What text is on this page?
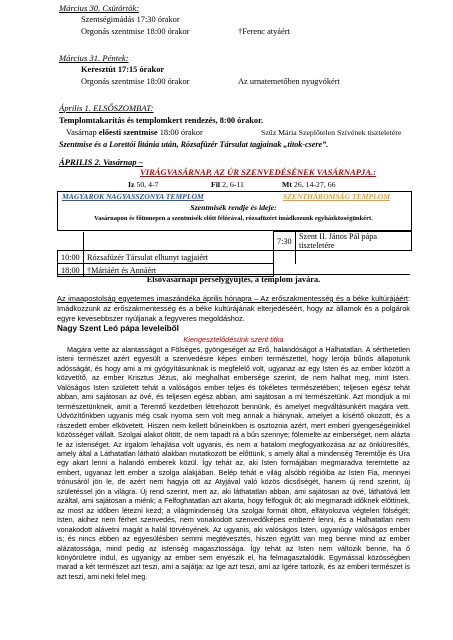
Március 30. Csütörtök:
Szentségimádás 17:30 órakor
Orgonás szentmise 18:00 órakor	†Ferenc atyáért
Március 31. Péntek:
Keresztút 17:15 órakor
Orgonás szentmise 18:00 órakor	Az urnatemetőben nyugvókért
Április 1. ELSŐSZOMBAT:
Templomtakarítás és templomkert rendezés, 8:00 órakor.
Vasárnap előesti szentmise 18:00 órakor	Szűz Mária Szeplőtelen Szívének tiszteletére
Szentmise és a Lorettói litánia után, Rózsafüzér Társulat tagjainak „titok-csere”.
ÁPRILIS 2. Vasárnap –
VIRÁGVASÁRNAP, AZ ÚR SZENVEDÉSÉNEK VASÁRNAPJA.:
Iz 50, 4-7	Fil 2, 6-11	Mt 26, 14-27, 66
MAGYAROK NAGYASSZONYA TEMPLOM	SZENTHÁROMSÁG TEMPLOM
Szentmisék rendje és ideje:
Vasárnapon és főünnepen a szentmisék előtt félórával, rózsafüzért imádkozunk egyházközségünkért.
		7:30	Szent II. János Pál pápa tiszteletére
10:00	Rózsafüzér Társulat elhunyt tagjaiért		
18:00	†Máriáért és Annáért		
Elsővasárnapi perselygyűjtés, a templom javára.
Az imaapostolság egyetemes imaszándéka április hónapra – Az erőszakmentesség és a béke kultúrájáért: Imádkozzunk az erőszakmentesség és a béke kultúrájának elterjedéséért, hogy az államok és a polgárok egyre kevesebbszer nyúljanak a fegyveres megoldáshoz.
Nagy Szent Leó pápa leveleiből
Kiengesztelődésünk szent titka
Magára vette az alantasságot a Fölséges, gyöngeséget az Erő, halandóságot a Halhatatlan. A sérthetetlen isteni természet azért egyesült a szenvedésre képes emberi természettel, hogy lerója bűnös állapotunk adósságát, és hogy ami a mi gyógyításunknak is megfelelő volt, ugyanaz az egy Isten és az ember között a közvetítő, az ember Krisztus Jézus, aki meghalhat embersége szerint, de nem halhat meg, mint Isten. Valóságos Isten született tehát a valóságos ember teljes és tökéletes természetében; teljesen egész tehát abban, ami sajátosan az övé, és teljesen egész abban, ami sajátosan a mi természetünk. Azt mondjuk a mi természetünknek, amit a Teremtő kezdetben létrehozott bennünk, és amelyet megváltásunkért magára vett. Üdvözítőnkben ugyanis még csak nyoma sem volt meg annak a hiánynak, amelyet a kísértő okozott, és a rászedett ember elkövetett. Hiszen nem kellett bűneinkben is osztoznia azért, mert emberi gyengeségeinkkel közösséget vállalt. Szolgai alakot öltött, de nem tapadt rá a bűn szennye; fölemelte az emberséget, nem alázta le az istenséget. Az irgalom lehajlása volt ugyanis, és nem a hatalom megfogyatkozása az az önkiüresítés, amely által a Láthatatlan látható alakban mutatkozott be előttünk, s amely által a mindenség Teremtője és Ura egy akart lenni a halandó emberek közül. Így tehát az, aki Isten formájában megmaradva teremtette az embert, ugyanaz lett ember a szolga alakjában. Belép tehát e világ alsóbb régióiba az Isten Fia, mennyei trónusáról jön le, de azért nem hagyja ott az Atyjával való közös dicsőségét, hanem új rend szerint, új születéssel jön a világra. Új rend szerint, mert az, aki láthatatlan abban, ami sajátosan az övé, láthatóvá lett azáltal, ami sajátosan a miénk; a Felfoghatatlan azt akarta, hogy felfogjuk őt; aki megmaradt időknek előttinek, az most az időben létezni kezd; a világmindenség Ura szolgai formát öltött, elfátyolozva végtelen fölségét; Isten, akihez nem férhet szenvedés, nem vonakodott szenvedőképes emberré lenni, és a Halhatatlan nem vonakodott alávetni magát a halál törvényének. Az ugyanis, aki valóságos Isten, ugyanúgy valóságos ember is; és nincs ebben az egyesülésben semmi megtévesztés, hiszen együtt van meg benne mind az ember alázatossága, mind pedig az istenség magasztossága. Így tehát az Isten nem változik benne, ha ő könyörületre indul, és ugyanígy az ember sem enyészik el, ha felmagasztalódik. Egymással közösségben marad a két természet azt teszi, ami a sajátja: az Ige azt teszi, ami az Igére tartozik, és az emberi természet is azt teszi, ami neki felel meg.
